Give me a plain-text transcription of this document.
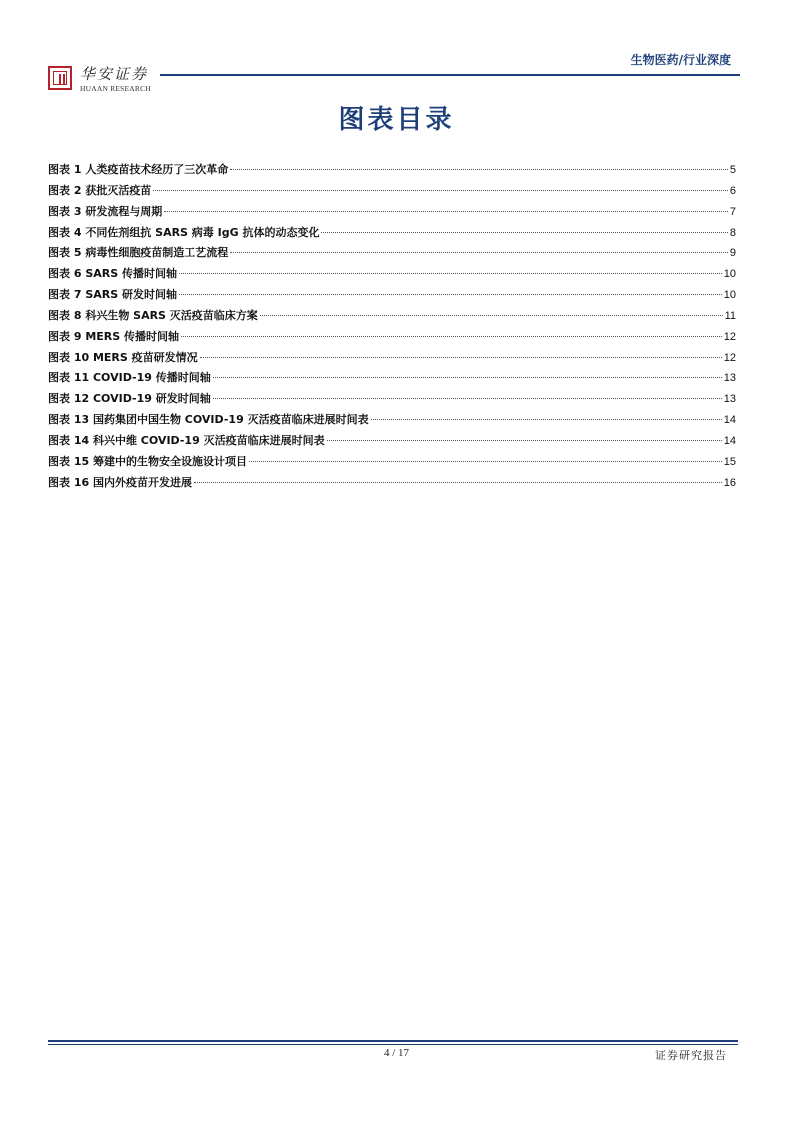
华安证券
HUAAN RESEARCH
生物医药/行业深度
图表目录
图表 1 人类疫苗技术经历了三次革命	5
图表 2 获批灭活疫苗	6
图表 3 研发流程与周期	7
图表 4 不同佐剂组抗 SARS 病毒 IgG 抗体的动态变化	8
图表 5 病毒性细胞疫苗制造工艺流程	9
图表 6 SARS 传播时间轴	10
图表 7 SARS 研发时间轴	10
图表 8 科兴生物 SARS 灭活疫苗临床方案	11
图表 9 MERS 传播时间轴	12
图表 10 MERS 疫苗研发情况	12
图表 11 COVID-19 传播时间轴	13
图表 12 COVID-19 研发时间轴	13
图表 13 国药集团中国生物 COVID-19 灭活疫苗临床进展时间表	14
图表 14 科兴中维 COVID-19 灭活疫苗临床进展时间表	14
图表 15 筹建中的生物安全设施设计项目	15
图表 16 国内外疫苗开发进展	16
4 / 17	证券研究报告
